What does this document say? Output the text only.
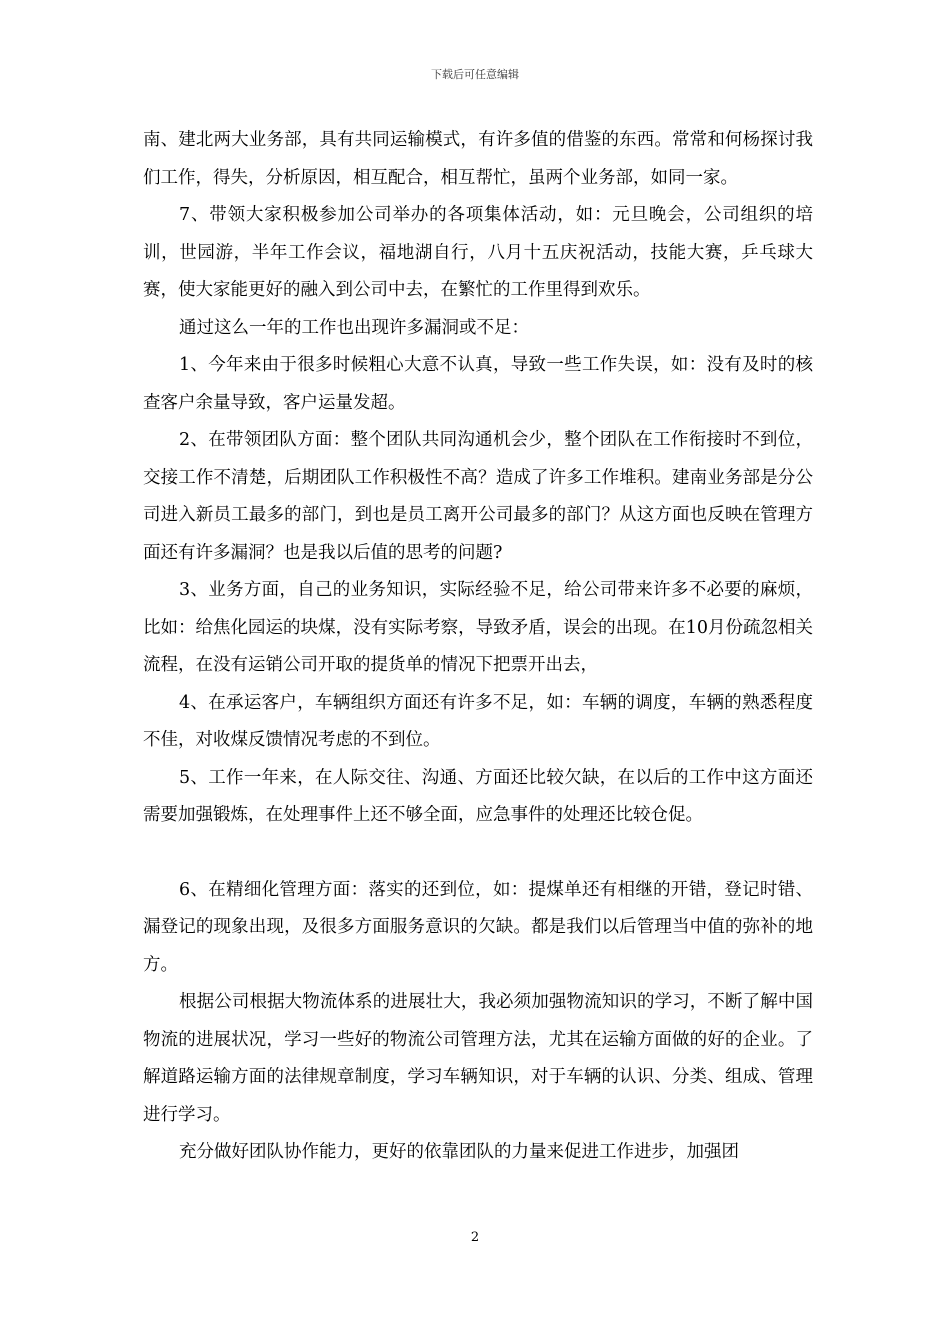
下载后可任意编辑

南、建北两大业务部，具有共同运输模式，有许多值的借鉴的东西。常常和何杨探讨我们工作，得失，分析原因，相互配合，相互帮忙，虽两个业务部，如同一家。

7、带领大家积极参加公司举办的各项集体活动，如：元旦晚会，公司组织的培训，世园游，半年工作会议，福地湖自行，八月十五庆祝活动，技能大赛，乒乓球大赛，使大家能更好的融入到公司中去，在繁忙的工作里得到欢乐。

通过这么一年的工作也出现许多漏洞或不足：

1、今年来由于很多时候粗心大意不认真，导致一些工作失误，如：没有及时的核查客户余量导致，客户运量发超。

2、在带领团队方面：整个团队共同沟通机会少，整个团队在工作衔接时不到位，交接工作不清楚，后期团队工作积极性不高？造成了许多工作堆积。建南业务部是分公司进入新员工最多的部门，到也是员工离开公司最多的部门？从这方面也反映在管理方面还有许多漏洞？也是我以后值的思考的问题?

3、业务方面，自己的业务知识，实际经验不足，给公司带来许多不必要的麻烦，比如：给焦化园运的块煤，没有实际考察，导致矛盾，误会的出现。在10月份疏忽相关流程，在没有运销公司开取的提货单的情况下把票开出去，

4、在承运客户，车辆组织方面还有许多不足，如：车辆的调度，车辆的熟悉程度不佳，对收煤反馈情况考虑的不到位。

5、工作一年来，在人际交往、沟通、方面还比较欠缺，在以后的工作中这方面还需要加强锻炼，在处理事件上还不够全面，应急事件的处理还比较仓促。

6、在精细化管理方面：落实的还到位，如：提煤单还有相继的开错，登记时错、漏登记的现象出现，及很多方面服务意识的欠缺。都是我们以后管理当中值的弥补的地方。

根据公司根据大物流体系的进展壮大，我必须加强物流知识的学习，不断了解中国物流的进展状况，学习一些好的物流公司管理方法，尤其在运输方面做的好的企业。了解道路运输方面的法律规章制度，学习车辆知识，对于车辆的认识、分类、组成、管理进行学习。

充分做好团队协作能力，更好的依靠团队的力量来促进工作进步，加强团

2
